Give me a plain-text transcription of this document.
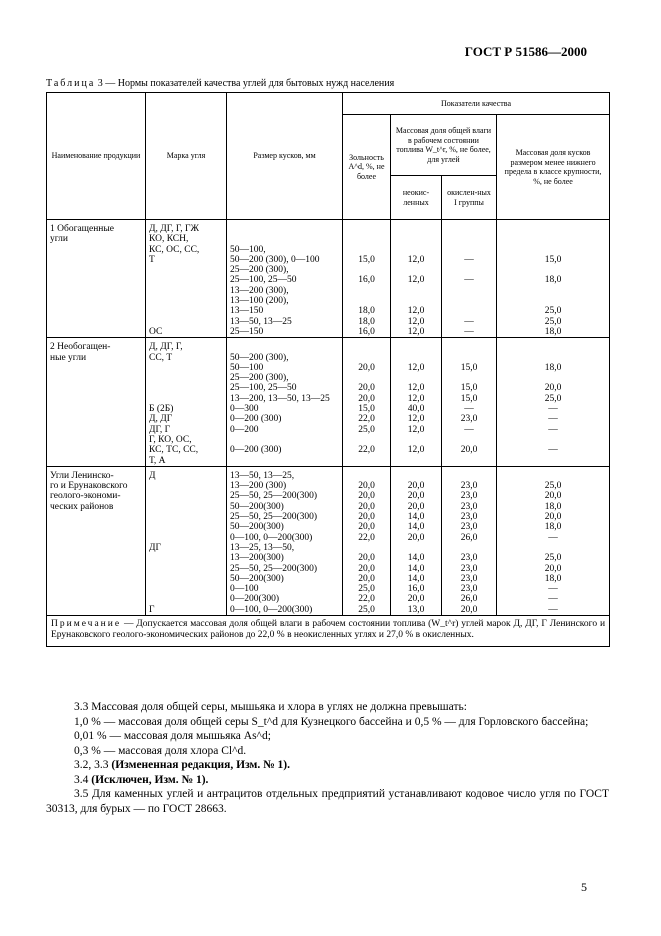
ГОСТ Р 51586—2000
Таблица 3 — Нормы показателей качества углей для бытовых нужд населения
Наименование продукции	Марка угля	Размер кусков, мм	Показатели качества			
			Зольность A^d, %, не более	Массовая доля общей влаги в рабочем состоянии топлива W_t^r, %, не более, для углей		Массовая доля кусков размером менее нижнего предела в классе крупности, %, не более
				неокис-ленных	окислен-ных I группы	

1 Обогащенные	Д, ДГ, Г, ГЖ					
угли	КО, КСН,					
	КС, ОС, СС,	50—100,				
	Т	50—200 (300), 0—100	15,0	12,0	—	15,0
		25—200 (300),				
		25—100, 25—50	16,0	12,0	—	18,0
		13—200 (300),				
		13—100 (200),				
		13—150	18,0	12,0		25,0
		13—50, 13—25	18,0	12,0	—	25,0
	ОС	25—150	16,0	12,0	—	18,0

2 Необогащен-	Д, ДГ, Г,					
ные угли	СС, Т	50—200 (300),				
		50—100	20,0	12,0	15,0	18,0
		25—200 (300),				
		25—100, 25—50	20,0	12,0	15,0	20,0
		13—200, 13—50, 13—25	20,0	12,0	15,0	25,0
	Б (2Б)	0—300	15,0	40,0	—	—
	Д, ДГ	0—200 (300)	22,0	12,0	23,0	—
	ДГ, Г	0—200	25,0	12,0	—	—
	Г, КО, ОС,					
	КС, ТС, СС,	0—200 (300)	22,0	12,0	20,0	—
	Т, А					

Угли Ленинско-	Д	13—50, 13—25,				
го и Ерунаковского		13—200 (300)	20,0	20,0	23,0	25,0
геолого-экономи-		25—50, 25—200(300)	20,0	20,0	23,0	20,0
ческих районов		50—200(300)	20,0	20,0	23,0	18,0
		25—50, 25—200(300)	20,0	14,0	23,0	20,0
		50—200(300)	20,0	14,0	23,0	18,0
		0—100, 0—200(300)	22,0	20,0	26,0	—
	ДГ	13—25, 13—50,				
		13—200(300)	20,0	14,0	23,0	25,0
		25—50, 25—200(300)	20,0	14,0	23,0	20,0
		50—200(300)	20,0	14,0	23,0	18,0
		0—100	25,0	16,0	23,0	—
		0—200(300)	22,0	20,0	26,0	—
	Г	0—100, 0—200(300)	25,0	13,0	20,0	—
Примечание — Допускается массовая доля общей влаги в рабочем состоянии топлива (W_t^r) углей марок Д, ДГ, Г Ленинского и Ерунаковского геолого-экономических районов до 22,0 % в неокисленных углях и 27,0 % в окисленных.						

3.3 Массовая доля общей серы, мышьяка и хлора в углях не должна превышать:

1,0 % — массовая доля общей серы S_t^d для Кузнецкого бассейна и 0,5 % — для Горловского бассейна;

0,01 % — массовая доля мышьяка As^d;

0,3 % — массовая доля хлора Cl^d.

3.2, 3.3 (Измененная редакция, Изм. № 1).

3.4 (Исключен, Изм. № 1).

3.5 Для каменных углей и антрацитов отдельных предприятий устанавливают кодовое число угля по ГОСТ 30313, для бурых — по ГОСТ 28663.

5
